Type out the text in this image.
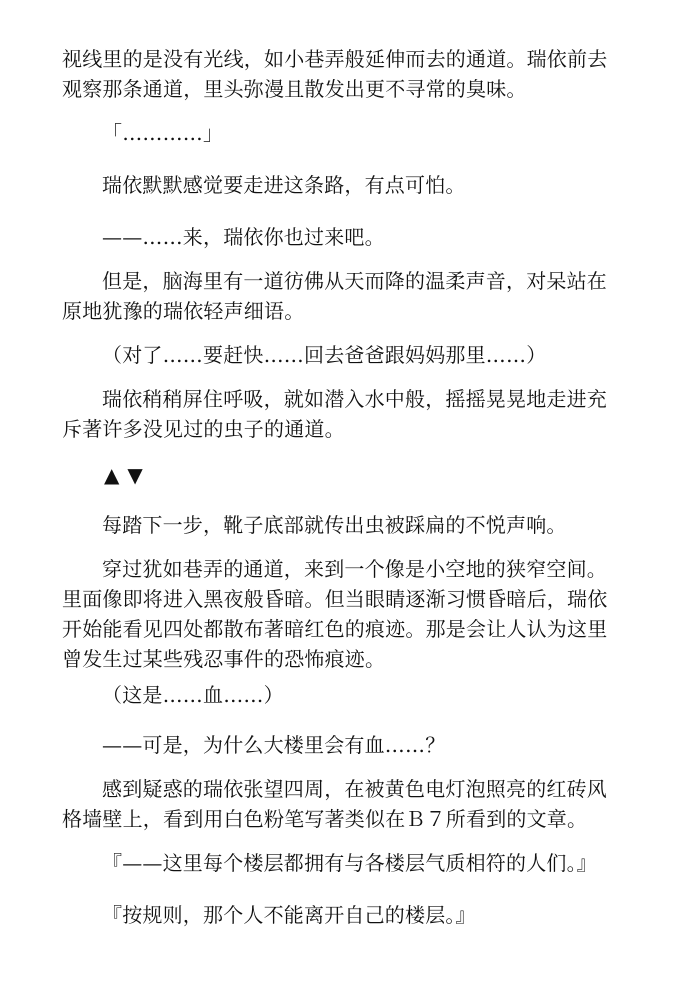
视线里的是没有光线，如小巷弄般延伸而去的通道。瑞依前去
观察那条通道，里头弥漫且散发出更不寻常的臭味。

「…………」

瑞依默默感觉要走进这条路，有点可怕。

——……来，瑞依你也过来吧。

但是，脑海里有一道彷佛从天而降的温柔声音，对呆站在
原地犹豫的瑞依轻声细语。

（对了……要赶快……回去爸爸跟妈妈那里……）

瑞依稍稍屏住呼吸，就如潜入水中般，摇摇晃晃地走进充
斥著许多没见过的虫子的通道。

▲▼

每踏下一步，靴子底部就传出虫被踩扁的不悦声响。

穿过犹如巷弄的通道，来到一个像是小空地的狭窄空间。
里面像即将进入黑夜般昏暗。但当眼睛逐渐习惯昏暗后，瑞依
开始能看见四处都散布著暗红色的痕迹。那是会让人认为这里
曾发生过某些残忍事件的恐怖痕迹。

（这是……血……）

——可是，为什么大楼里会有血……？

感到疑惑的瑞依张望四周，在被黄色电灯泡照亮的红砖风
格墙壁上，看到用白色粉笔写著类似在Ｂ７所看到的文章。

『——这里每个楼层都拥有与各楼层气质相符的人们。』

『按规则，那个人不能离开自己的楼层。』
